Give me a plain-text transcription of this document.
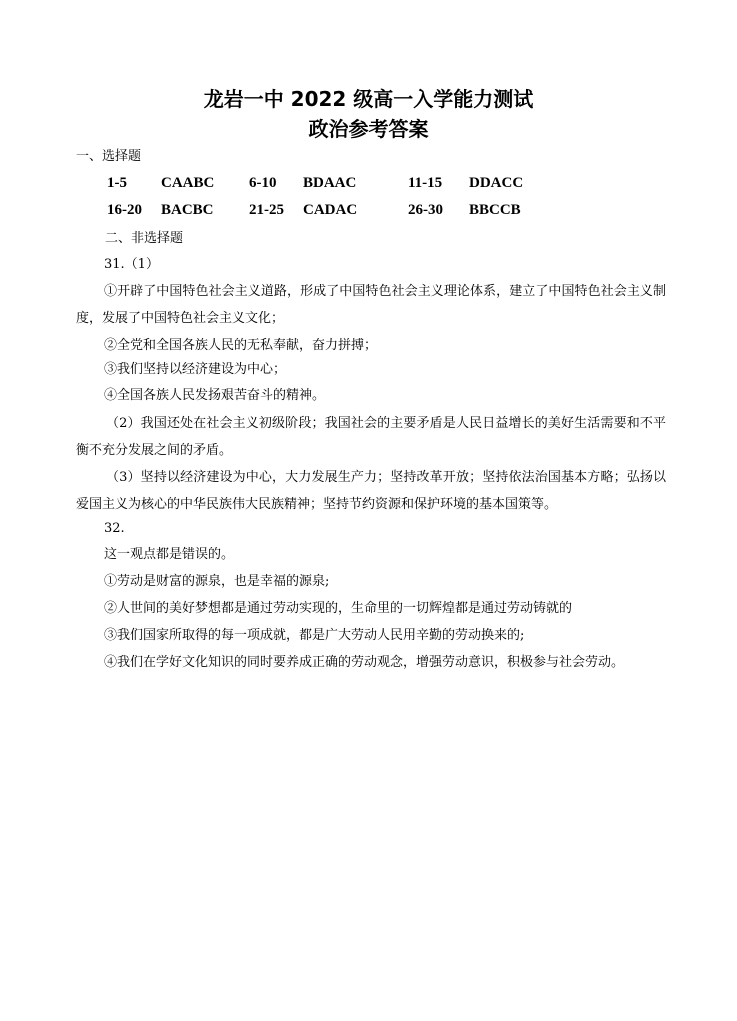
龙岩一中 2022 级高一入学能力测试
政治参考答案
一、选择题
1-5 CAABC 6-10 BDAAC	11-15 DDACC
16-20 BACBC 21-25 CADAC	26-30 BBCCB
二、非选择题
31.（1）
①开辟了中国特色社会主义道路，形成了中国特色社会主义理论体系，建立了中国特色社会主义制度，发展了中国特色社会主义文化；
②全党和全国各族人民的无私奉献，奋力拼搏；
③我们坚持以经济建设为中心；
④全国各族人民发扬艰苦奋斗的精神。
（2）我国还处在社会主义初级阶段；我国社会的主要矛盾是人民日益增长的美好生活需要和不平衡不充分发展之间的矛盾。
（3）坚持以经济建设为中心，大力发展生产力；坚持改革开放；坚持依法治国基本方略；弘扬以爱国主义为核心的中华民族伟大民族精神；坚持节约资源和保护环境的基本国策等。
32.
这一观点都是错误的。
①劳动是财富的源泉，也是幸福的源泉;
②人世间的美好梦想都是通过劳动实现的，生命里的一切辉煌都是通过劳动铸就的
③我们国家所取得的每一项成就，都是广大劳动人民用辛勤的劳动换来的;
④我们在学好文化知识的同时要养成正确的劳动观念，增强劳动意识，积极参与社会劳动。
